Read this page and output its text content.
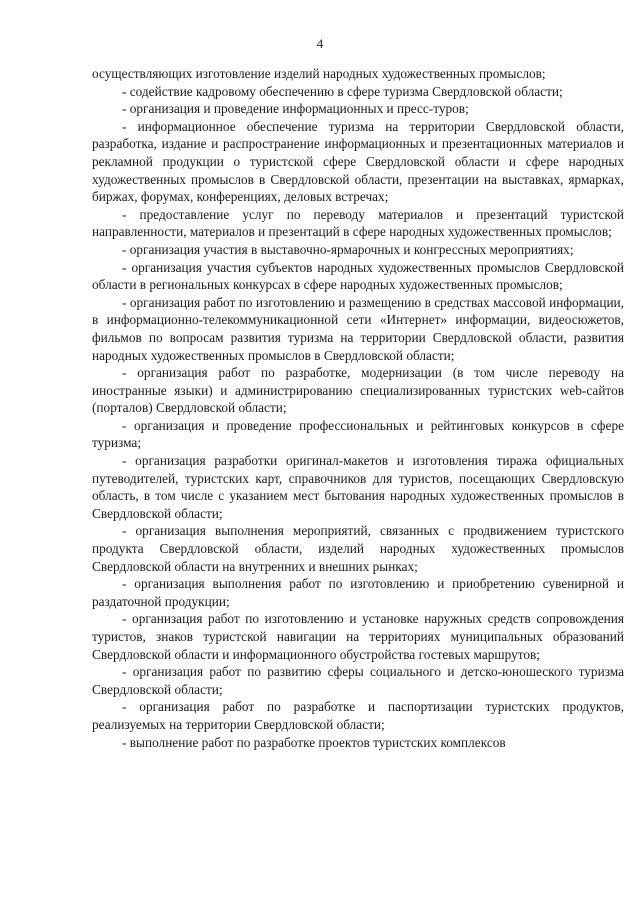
4

осуществляющих изготовление изделий народных художественных промыслов;

- содействие кадровому обеспечению в сфере туризма Свердловской области;

- организация и проведение информационных и пресс-туров;

- информационное обеспечение туризма на территории Свердловской области, разработка, издание и распространение информационных и презентационных материалов и рекламной продукции о туристской сфере Свердловской области и сфере народных художественных промыслов в Свердловской области, презентации на выставках, ярмарках, биржах, форумах, конференциях, деловых встречах;

- предоставление услуг по переводу материалов и презентаций туристской направленности, материалов и презентаций в сфере народных художественных промыслов;

- организация участия в выставочно-ярмарочных и конгрессных мероприятиях;

- организация участия субъектов народных художественных промыслов Свердловской области в региональных конкурсах в сфере народных художественных промыслов;

- организация работ по изготовлению и размещению в средствах массовой информации, в информационно-телекоммуникационной сети «Интернет» информации, видеосюжетов, фильмов по вопросам развития туризма на территории Свердловской области, развития народных художественных промыслов в Свердловской области;

- организация работ по разработке, модернизации (в том числе переводу на иностранные языки) и администрированию специализированных туристских web-сайтов (порталов) Свердловской области;

- организация и проведение профессиональных и рейтинговых конкурсов в сфере туризма;

- организация разработки оригинал-макетов и изготовления тиража официальных путеводителей, туристских карт, справочников для туристов, посещающих Свердловскую область, в том числе с указанием мест бытования народных художественных промыслов в Свердловской области;

- организация выполнения мероприятий, связанных с продвижением туристского продукта Свердловской области, изделий народных художественных промыслов Свердловской области на внутренних и внешних рынках;

- организация выполнения работ по изготовлению и приобретению сувенирной и раздаточной продукции;

- организация работ по изготовлению и установке наружных средств сопровождения туристов, знаков туристской навигации на территориях муниципальных образований Свердловской области и информационного обустройства гостевых маршрутов;

- организация работ по развитию сферы социального и детско-юношеского туризма Свердловской области;

- организация работ по разработке и паспортизации туристских продуктов, реализуемых на территории Свердловской области;

- выполнение работ по разработке проектов туристских комплексов
